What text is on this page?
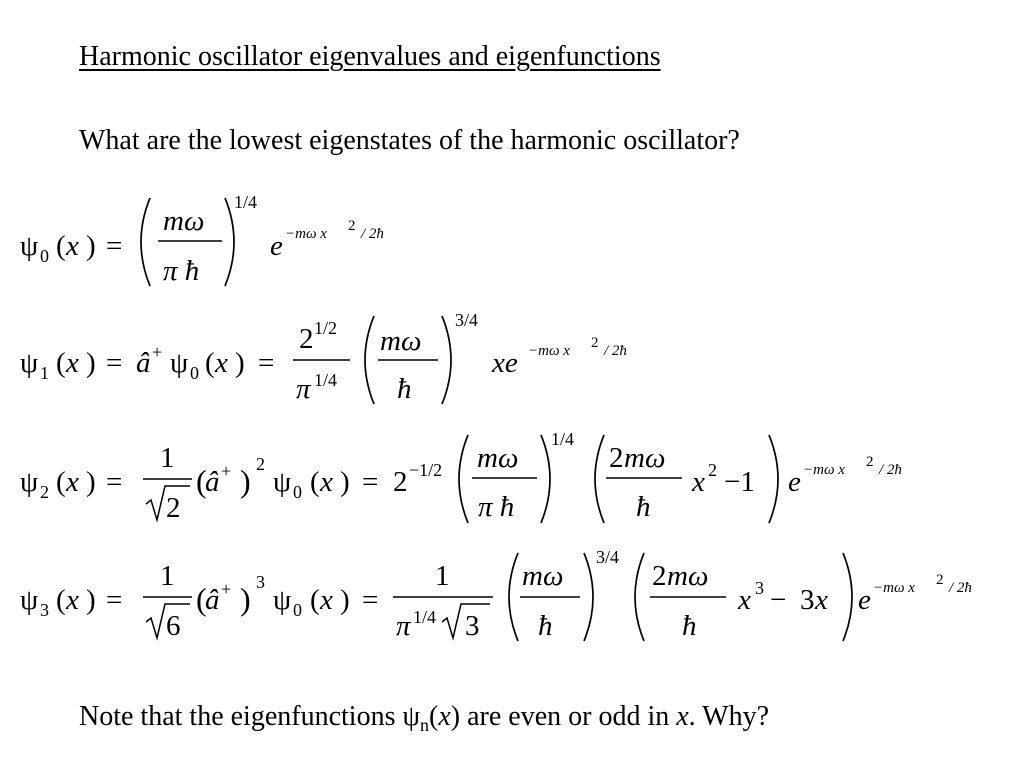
Harmonic oscillator eigenvalues and eigenfunctions
What are the lowest eigenstates of the harmonic oscillator?
ψ 0 ( x ) =
mω
π ħ
1/4
e −mω x 2 / 2ħ
ψ 1 ( x ) = â + ψ 0 ( x ) =
2 1/2
π 1/4
mω
ħ
3/4
xe −mω x 2 / 2ħ
ψ 2 ( x ) =
1
2
(
â + ) 2
ψ 0 ( x ) = 2 −1/2 mω
π ħ
1/4
2 mω
ħ
x 2 −1 e −mω x 2 / 2ħ
ψ 3 ( x ) =
1
6
(
â + ) 3
ψ 0 ( x ) =
1
π 1/4 3
mω
ħ
3/4
2 mω
ħ
x 3 − 3 x e −mω x 2 / 2ħ
Note that the eigenfunctions $\psi_n(x)$ are even or odd in x. Why?
